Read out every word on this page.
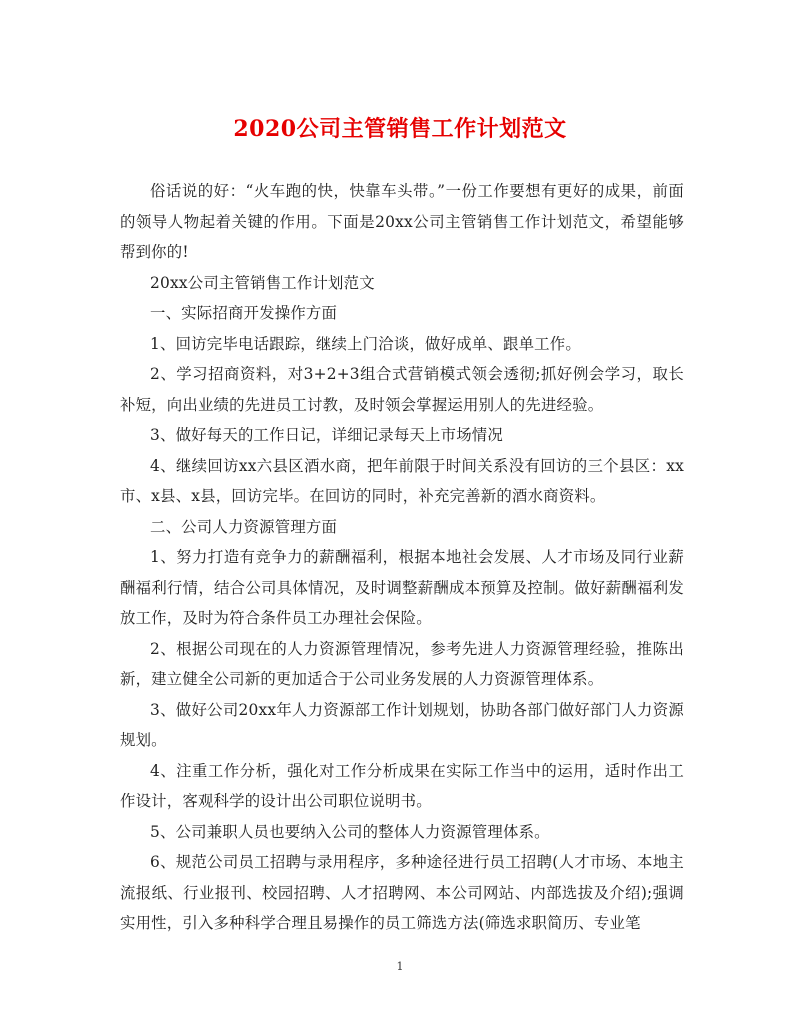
2020公司主管销售工作计划范文

俗话说的好：“火车跑的快，快靠车头带。”一份工作要想有更好的成果，前面的领导人物起着关键的作用。下面是20xx公司主管销售工作计划范文，希望能够帮到你的!

20xx公司主管销售工作计划范文

一、实际招商开发操作方面

1、回访完毕电话跟踪，继续上门洽谈，做好成单、跟单工作。

2、学习招商资料，对3+2+3组合式营销模式领会透彻;抓好例会学习，取长补短，向出业绩的先进员工讨教，及时领会掌握运用别人的先进经验。

3、做好每天的工作日记，详细记录每天上市场情况

4、继续回访xx六县区酒水商，把年前限于时间关系没有回访的三个县区：xx市、x县、x县，回访完毕。在回访的同时，补充完善新的酒水商资料。

二、公司人力资源管理方面

1、努力打造有竞争力的薪酬福利，根据本地社会发展、人才市场及同行业薪酬福利行情，结合公司具体情况，及时调整薪酬成本预算及控制。做好薪酬福利发放工作，及时为符合条件员工办理社会保险。

2、根据公司现在的人力资源管理情况，参考先进人力资源管理经验，推陈出新，建立健全公司新的更加适合于公司业务发展的人力资源管理体系。

3、做好公司20xx年人力资源部工作计划规划，协助各部门做好部门人力资源规划。

4、注重工作分析，强化对工作分析成果在实际工作当中的运用，适时作出工作设计，客观科学的设计出公司职位说明书。

5、公司兼职人员也要纳入公司的整体人力资源管理体系。

6、规范公司员工招聘与录用程序，多种途径进行员工招聘(人才市场、本地主流报纸、行业报刊、校园招聘、人才招聘网、本公司网站、内部选拔及介绍);强调实用性，引入多种科学合理且易操作的员工筛选方法(筛选求职简历、专业笔

1
